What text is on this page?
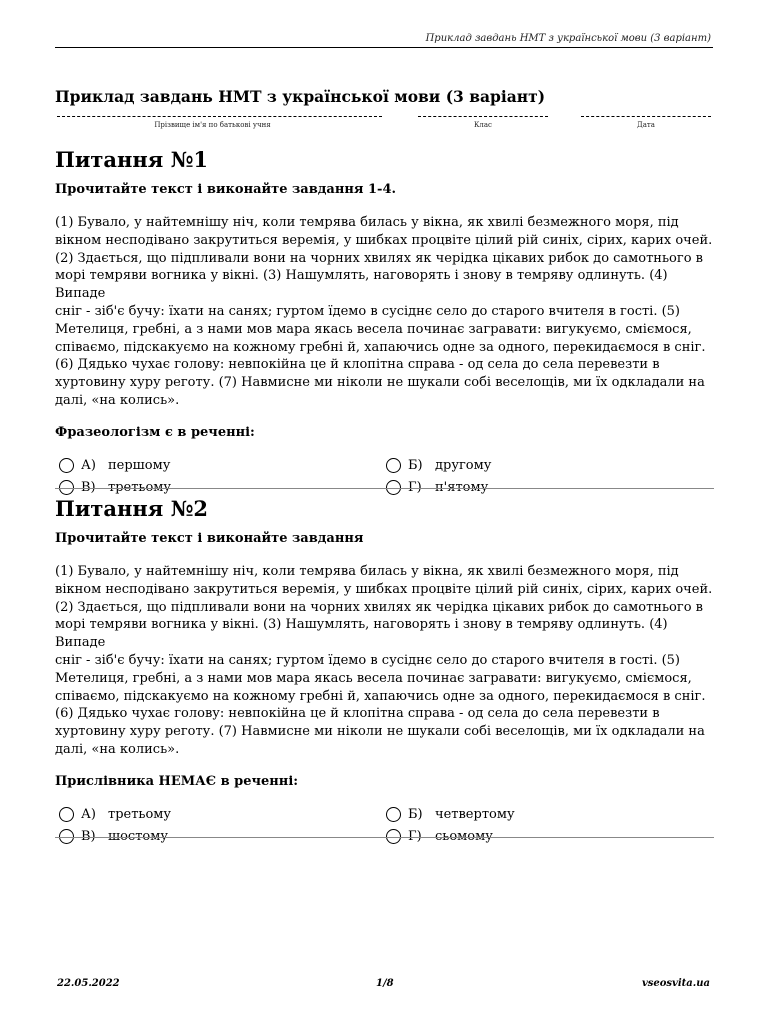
Приклад завдань НМТ з української мови (3 варіант)
Приклад завдань НМТ з української мови (3 варіант)
Прізвище ім'я по батькові учня	Клас	Дата
Питання №1
Прочитайте текст і виконайте завдання 1-4.
(1) Бувало, у найтемнішу ніч, коли темрява билась у вікна, як хвилі безмежного моря, під
вікном несподівано закрутиться веремія, у шибках процвіте цілий рій синіх, сірих, карих очей.
(2) Здається, що підпливали вони на чорних хвилях як черідка цікавих рибок до самотнього в
морі темряви вогника у вікні. (3) Нашумлять, наговорять і знову в темряву одлинуть. (4) Випаде
сніг - зіб'є бучу: їхати на санях; гуртом їдемо в сусіднє село до старого вчителя в гості. (5)
Метелиця, гребні, а з нами мов мара якась весела починає загравати: вигукуємо, сміємося,
співаємо, підскакуємо на кожному гребні й, хапаючись одне за одного, перекидаємося в сніг.
(6) Дядько чухає голову: невпокійна це й клопітна справа - од села до села перевезти в
хуртовину хуру реготу. (7) Навмисне ми ніколи не шукали собі веселощів, ми їх одкладали на
далі, «на колись».
Фразеологізм є в реченні:
А) першому	Б) другому
В) третьому	Г)	п'ятому
Питання №2
Прочитайте текст і виконайте завдання
(1) Бувало, у найтемнішу ніч, коли темрява билась у вікна, як хвилі безмежного моря, під
вікном несподівано закрутиться веремія, у шибках процвіте цілий рій синіх, сірих, карих очей.
(2) Здається, що підпливали вони на чорних хвилях як черідка цікавих рибок до самотнього в
морі темряви вогника у вікні. (3) Нашумлять, наговорять і знову в темряву одлинуть. (4) Випаде
сніг - зіб'є бучу: їхати на санях; гуртом їдемо в сусіднє село до старого вчителя в гості. (5)
Метелиця, гребні, а з нами мов мара якась весела починає загравати: вигукуємо, сміємося,
співаємо, підскакуємо на кожному гребні й, хапаючись одне за одного, перекидаємося в сніг.
(6) Дядько чухає голову: невпокійна це й клопітна справа - од села до села перевезти в
хуртовину хуру реготу. (7) Навмисне ми ніколи не шукали собі веселощів, ми їх одкладали на
далі, «на колись».
Прислівника НЕМАЄ в реченні:
А) третьому	Б) четвертому
В) шостому	Г)	сьомому
22.05.2022	1/8	vseosvita.ua
